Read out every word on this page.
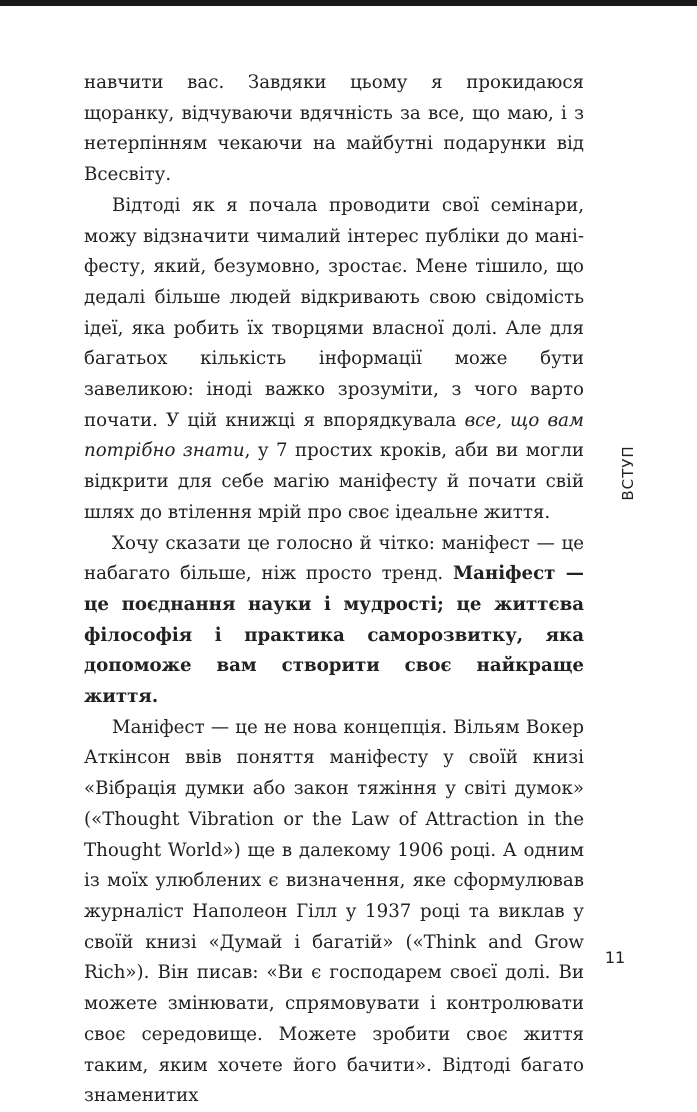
навчити вас. Завдяки цьому я прокидаюся щоранку, відчуваючи вдячність за все, що маю, і з нетерпінням чекаючи на майбутні подарунки від Всесвіту.

Відтоді як я почала проводити свої семінари, можу відзначити чималий інтерес публіки до маніфесту, який, безумовно, зростає. Мене тішило, що дедалі більше людей відкривають свою свідомість ідеї, яка робить їх творцями власної долі. Але для багатьох кількість інформації може бути завеликою: іноді важко зрозуміти, з чого варто почати. У цій книжці я впорядкувала все, що вам потрібно знати, у 7 простих кроків, аби ви могли відкрити для себе магію маніфесту й почати свій шлях до втілення мрій про своє ідеальне життя.

Хочу сказати це голосно й чітко: маніфест — це набагато більше, ніж просто тренд. Маніфест — це поєднання науки і мудрості; це життєва філософія і практика саморозвитку, яка допоможе вам створити своє найкраще життя.

Маніфест — це не нова концепція. Вільям Вокер Аткінсон ввів поняття маніфесту у своїй книзі «Вібрація думки або закон тяжіння у світі думок» («Thought Vibration or the Law of Attraction in the Thought World») ще в далекому 1906 році. А одним із моїх улюблених є визначення, яке сформулював журналіст Наполеон Гілл у 1937 році та виклав у своїй книзі «Думай і багатій» («Think and Grow Rich»). Він писав: «Ви є господарем своєї долі. Ви можете змінювати, спрямовувати і контролювати своє середовище. Можете зробити своє життя таким, яким хочете його бачити». Відтоді багато знаменитих

ВСТУП
11
